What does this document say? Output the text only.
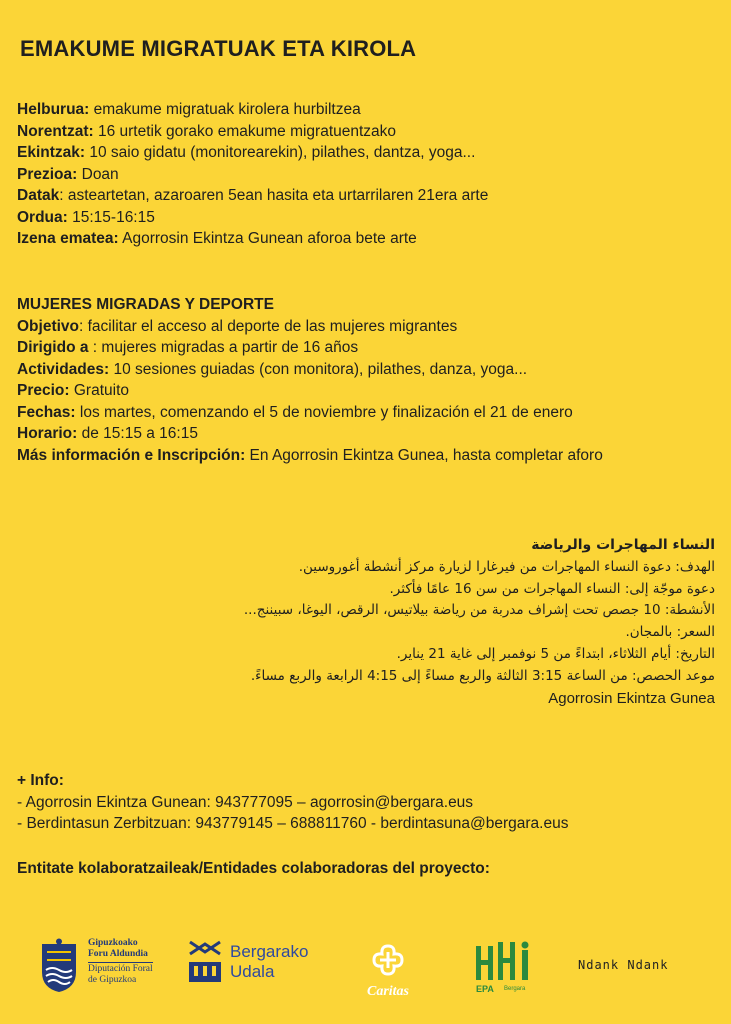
EMAKUME MIGRATUAK ETA KIROLA

Helburua: emakume migratuak kirolera hurbiltzea

Norentzat: 16 urtetik gorako emakume migratuentzako

Ekintzak: 10 saio gidatu (monitorearekin), pilathes, dantza, yoga...

Prezioa: Doan

Datak: asteartetan, azaroaren 5ean hasita eta urtarrilaren 21era arte

Ordua: 15:15-16:15

Izena ematea: Agorrosin Ekintza Gunean aforoa bete arte

MUJERES MIGRADAS Y DEPORTE

Objetivo: facilitar el acceso al deporte de las mujeres migrantes

Dirigido a : mujeres migradas a partir de 16 años

Actividades: 10 sesiones guiadas (con monitora), pilathes, danza, yoga...

Precio: Gratuito

Fechas: los martes, comenzando el 5 de noviembre y finalización el 21 de enero

Horario: de 15:15 a 16:15

Más información e Inscripción: En Agorrosin Ekintza Gunea, hasta completar aforo

النساء المهاجرات والرياضة

الهدف: دعوة النساء المهاجرات من فيرغارا لزيارة مركز أنشطة أغوروسين.

دعوة موجّة إلى: النساء المهاجرات من سن 16 عامًا فأكثر.

الأنشطة: 10 جصص تحت إشراف مدربة من رياضة بيلاتيس، الرقص، اليوغا، سبيننج...

السعر: بالمجان.

التاريخ: أيام الثلاثاء، ابتداءً من 5 نوفمبر إلى غاية 21 يناير.

موعد الحصص: من الساعة 3:15 الثالثة والربع مساءً إلى 4:15 الرابعة والربع مساءً.

Agorrosin Ekintza Gunea

+ Info:

- Agorrosin Ekintza Gunean: 943777095 – agorrosin@bergara.eus

- Berdintasun Zerbitzuan: 943779145 – 688811760 - berdintasuna@bergara.eus

Entitate kolaboratzaileak/Entidades colaboradoras del proyecto:
Gipuzkoako
Foru Aldundia
Diputación Foral
de Gipuzkoa
Bergarako
Udala
Caritas	EPA Bergara
Ndank Ndank
